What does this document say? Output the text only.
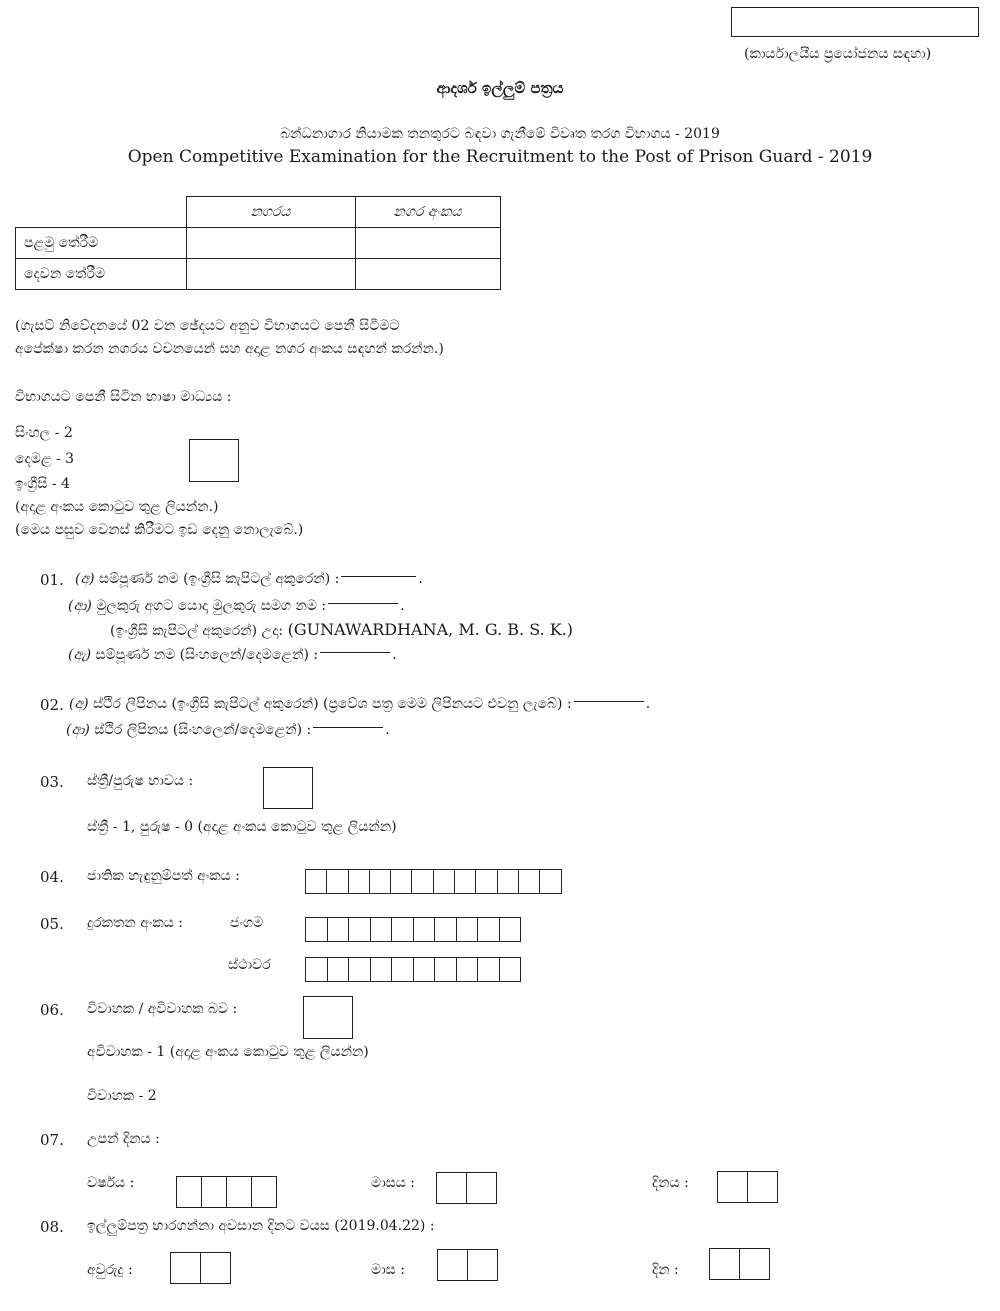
(කාර්යාලයීය ප්‍රයෝජනය සඳහා)
ආදර්ශ ඉල්ලුම් පත්‍රය
බන්ධනාගාර නියාමක තනතුරට බඳවා ගැනීමේ විවෘත තරග විභාගය - 2019
Open Competitive Examination for the Recruitment to the Post of Prison Guard - 2019
	නගරය	නගර අංකය
පළමු තේරීම		
දෙවන තේරීම		
(ගැසට් නිවේදනයේ 02 වන ඡේදයට අනුව විභාගයට පෙනී සිටීමට
අපේක්ෂා කරන නගරය වචනයෙන් සහ අදාළ නගර අංකය සඳහන් කරන්න.)
විභාගයට පෙනී සිටින භාෂා මාධ්‍යය :
සිංහල - 2
දෙමළ - 3
ඉංග්‍රීසි - 4
(අදාළ අංකය කොටුව තුළ ලියන්න.)
(මෙය පසුව වෙනස් කිරීමට ඉඩ දෙනු නොලැබේ.)
01. (අ) සම්පූර්ණ නම (ඉංග්‍රීසි කැපිටල් අකුරෙන්) :	.
(ආ) මුලකුරු අගට යොදා මුලකුරු සමග නම :	.
(ඉංග්‍රීසි කැපිටල් අකුරෙන්) උදා: (GUNAWARDHANA, M. G. B. S. K.)
(ඇ) සම්පූර්ණ නම (සිංහලෙන්/දෙමළෙන්) :	.
02. (අ) ස්ථිර ලිපිනය (ඉංග්‍රීසි කැපිටල් අකුරෙන්) (ප්‍රවේශ පත්‍ර මෙම ලිපිනයට එවනු ලැබේ) :	.
(ආ) ස්ථිර ලිපිනය (සිංහලෙන්/දෙමළෙන්) :	.
03. ස්ත්‍රී/පුරුෂ භාවය :
ස්ත්‍රී - 1, පුරුෂ - 0 (අදාළ අංකය කොටුව තුළ ලියන්න)
04. ජාතික හැඳුනුම්පත් අංකය :
05. දුරකතන අංකය :	ජංගම
ස්ථාවර
06. විවාහක / අවිවාහක බව :
අවිවාහක - 1 (අදාළ අංකය කොටුව තුළ ලියන්න)
විවාහක - 2
07. උපන් දිනය :
වර්ෂය :	මාසය :	දිනය :
08. ඉල්ලුම්පත්‍ර භාරගන්නා අවසාන දිනට වයස (2019.04.22) :
අවුරුදු :	මාස :	දින :
